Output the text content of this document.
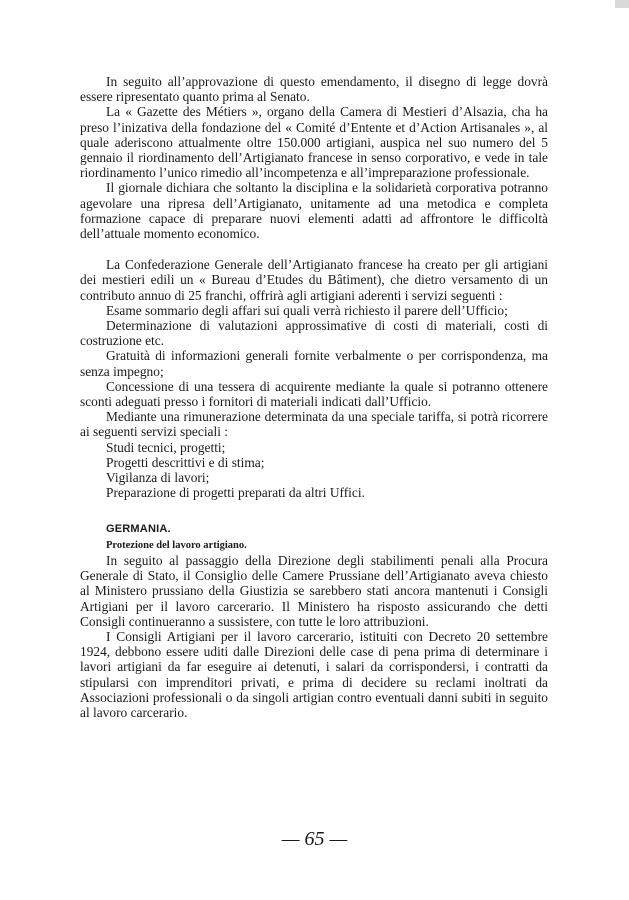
In seguito all’approvazione di questo emendamento, il disegno di legge dovrà essere ripresentato quanto prima al Senato.

La « Gazette des Métiers », organo della Camera di Mestieri d’Alsazia, cha ha preso l’inizativa della fondazione del « Comité d’Entente et d’Action Artisanales », al quale aderiscono attualmente oltre 150.000 artigiani, auspica nel suo numero del 5 gennaio il riordinamento dell’Artigianato francese in senso corporativo, e vede in tale riordinamento l’unico rimedio all’incompetenza e all’impreparazione professionale.

Il giornale dichiara che soltanto la disciplina e la solidarietà corporativa potranno agevolare una ripresa dell’Artigianato, unitamente ad una metodica e completa formazione capace di preparare nuovi elementi adatti ad affrontore le difficoltà dell’attuale momento economico.

La Confederazione Generale dell’Artigianato francese ha creato per gli artigiani dei mestieri edili un « Bureau d’Etudes du Bâtiment), che dietro versamento di un contributo annuo di 25 franchi, offrirà agli artigiani aderenti i servizi seguenti :

Esame sommario degli affari sui quali verrà richiesto il parere dell’Ufficio;

Determinazione di valutazioni approssimative di costi di materiali, costi di costruzione etc.

Gratuità di informazioni generali fornite verbalmente o per corrispondenza, ma senza impegno;

Concessione di una tessera di acquirente mediante la quale si potranno ottenere sconti adeguati presso i fornitori di materiali indicati dall’Ufficio.

Mediante una rimunerazione determinata da una speciale tariffa, si potrà ricorrere ai seguenti servizi speciali :

Studi tecnici, progetti;

Progetti descrittivi e di stima;

Vigilanza di lavori;

Preparazione di progetti preparati da altri Uffici.

GERMANIA.

Protezione del lavoro artigiano.

In seguito al passaggio della Direzione degli stabilimenti penali alla Procura Generale di Stato, il Consiglio delle Camere Prussiane dell’Artigianato aveva chiesto al Ministero prussiano della Giustizia se sarebbero stati ancora mantenuti i Consigli Artigiani per il lavoro carcerario. Il Ministero ha risposto assicurando che detti Consigli continueranno a sussistere, con tutte le loro attribuzioni.

I Consigli Artigiani per il lavoro carcerario, istituiti con Decreto 20 settembre 1924, debbono essere uditi dalle Direzioni delle case di pena prima di determinare i lavori artigiani da far eseguire ai detenuti, i salari da corrispondersi, i contratti da stipularsi con imprenditori privati, e prima di decidere su reclami inoltrati da Associazioni professionali o da singoli artigian contro eventuali danni subiti in seguito al lavoro carcerario.

— 65 —
